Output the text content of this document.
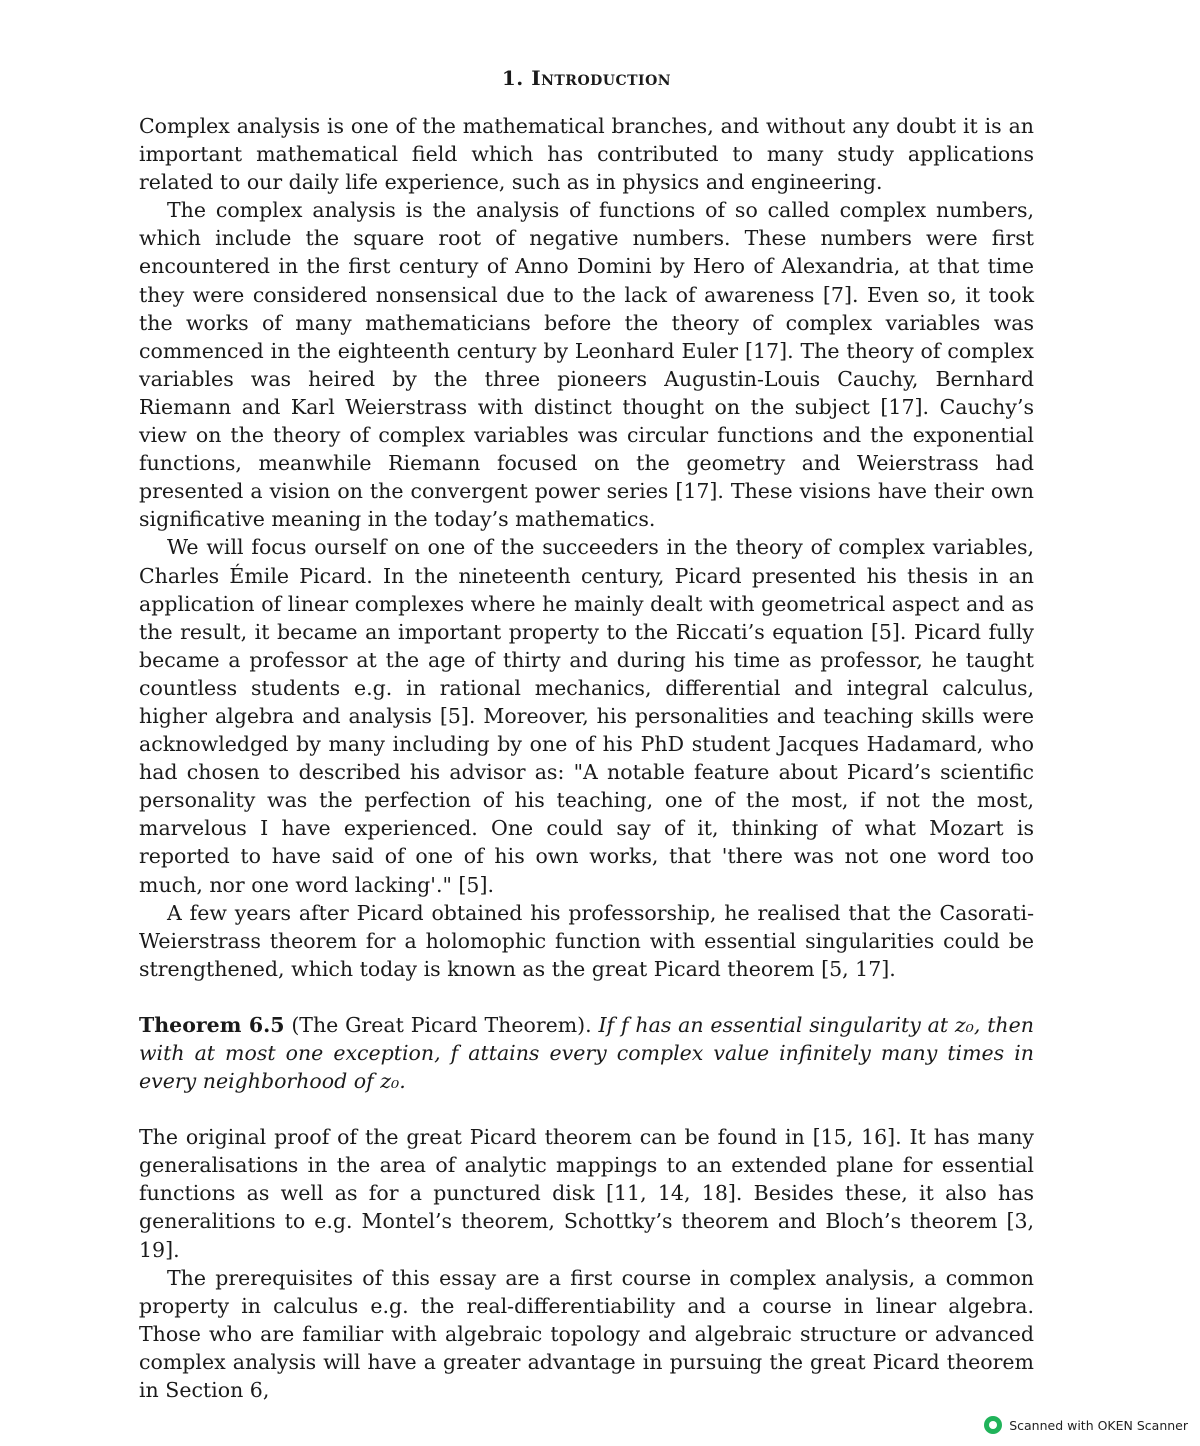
1. Introduction

Complex analysis is one of the mathematical branches, and without any doubt it is an important mathematical field which has contributed to many study applications related to our daily life experience, such as in physics and engineering.

The complex analysis is the analysis of functions of so called complex numbers, which include the square root of negative numbers. These numbers were first encountered in the first century of Anno Domini by Hero of Alexandria, at that time they were considered nonsensical due to the lack of awareness [7]. Even so, it took the works of many mathematicians before the theory of complex variables was commenced in the eighteenth century by Leonhard Euler [17]. The theory of complex variables was heired by the three pioneers Augustin-Louis Cauchy, Bernhard Riemann and Karl Weierstrass with distinct thought on the subject [17]. Cauchy’s view on the theory of complex variables was circular functions and the exponential functions, meanwhile Riemann focused on the geometry and Weierstrass had presented a vision on the convergent power series [17]. These visions have their own significative meaning in the today’s mathematics.

We will focus ourself on one of the succeeders in the theory of complex variables, Charles Émile Picard. In the nineteenth century, Picard presented his thesis in an application of linear complexes where he mainly dealt with geometrical aspect and as the result, it became an important property to the Riccati’s equation [5]. Picard fully became a professor at the age of thirty and during his time as professor, he taught countless students e.g. in rational mechanics, differential and integral calculus, higher algebra and analysis [5]. Moreover, his personalities and teaching skills were acknowledged by many including by one of his PhD student Jacques Hadamard, who had chosen to described his advisor as: "A notable feature about Picard’s scientific personality was the perfection of his teaching, one of the most, if not the most, marvelous I have experienced. One could say of it, thinking of what Mozart is reported to have said of one of his own works, that 'there was not one word too much, nor one word lacking'." [5].

A few years after Picard obtained his professorship, he realised that the Casorati-Weierstrass theorem for a holomophic function with essential singularities could be strengthened, which today is known as the great Picard theorem [5, 17].

Theorem 6.5 (The Great Picard Theorem). If f has an essential singularity at z₀, then with at most one exception, f attains every complex value infinitely many times in every neighborhood of z₀.

The original proof of the great Picard theorem can be found in [15, 16]. It has many generalisations in the area of analytic mappings to an extended plane for essential functions as well as for a punctured disk [11, 14, 18]. Besides these, it also has generalitions to e.g. Montel’s theorem, Schottky’s theorem and Bloch’s theorem [3, 19].

The prerequisites of this essay are a first course in complex analysis, a common property in calculus e.g. the real-differentiability and a course in linear algebra. Those who are familiar with algebraic topology and algebraic structure or advanced complex analysis will have a greater advantage in pursuing the great Picard theorem in Section 6,

Scanned with OKEN Scanner
